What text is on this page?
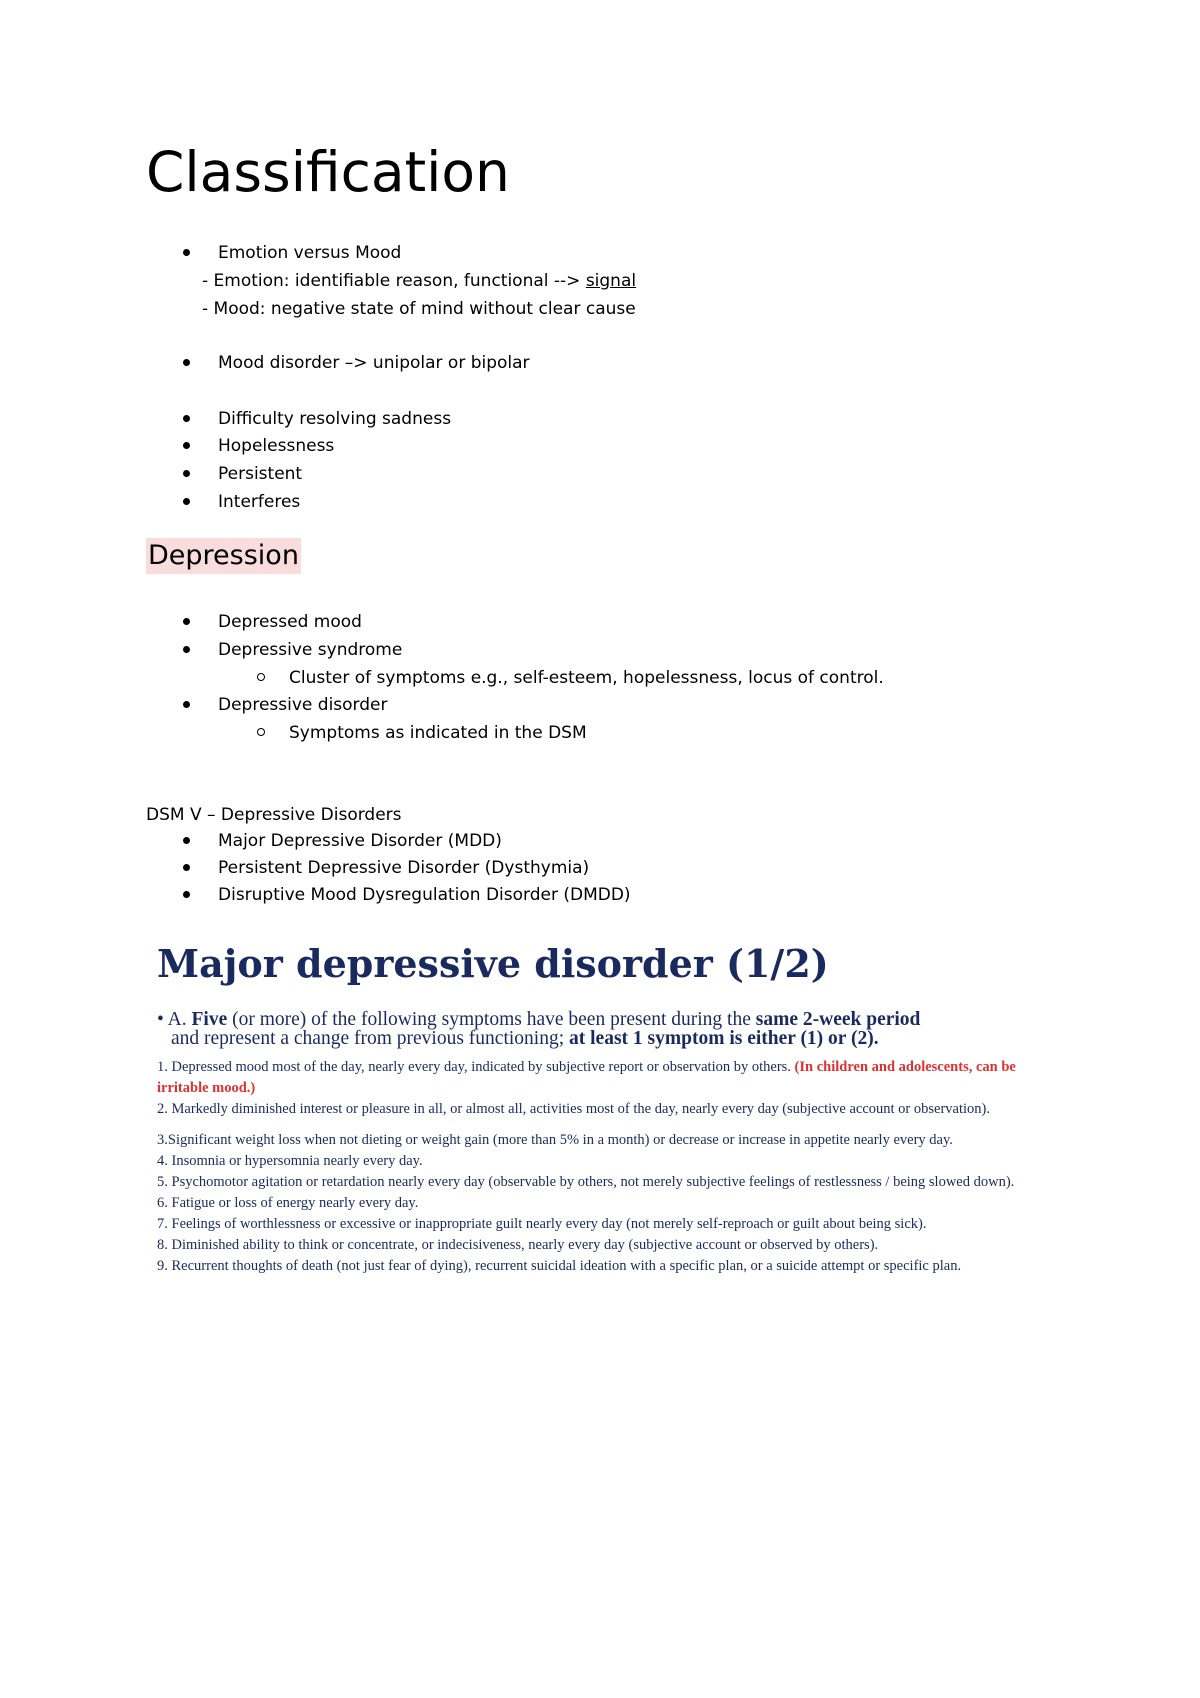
Classification
Emotion versus Mood
- Emotion: identifiable reason, functional --> signal
- Mood: negative state of mind without clear cause
Mood disorder –> unipolar or bipolar
Difficulty resolving sadness
Hopelessness
Persistent
Interferes
Depression
Depressed mood
Depressive syndrome
Cluster of symptoms e.g., self-esteem, hopelessness, locus of control.
Depressive disorder
Symptoms as indicated in the DSM
DSM V – Depressive Disorders
Major Depressive Disorder (MDD)
Persistent Depressive Disorder (Dysthymia)
Disruptive Mood Dysregulation Disorder (DMDD)
Major depressive disorder (1/2)
• A. Five (or more) of the following symptoms have been present during the same 2-week period
and represent a change from previous functioning; at least 1 symptom is either (1) or (2).

1. Depressed mood most of the day, nearly every day, indicated by subjective report or observation by others. (In children and adolescents, can be irritable mood.)

2. Markedly diminished interest or pleasure in all, or almost all, activities most of the day, nearly every day (subjective account or observation).

3.Significant weight loss when not dieting or weight gain (more than 5% in a month) or decrease or increase in appetite nearly every day.

4. Insomnia or hypersomnia nearly every day.

5. Psychomotor agitation or retardation nearly every day (observable by others, not merely subjective feelings of restlessness / being slowed down).

6. Fatigue or loss of energy nearly every day.

7. Feelings of worthlessness or excessive or inappropriate guilt nearly every day (not merely self-reproach or guilt about being sick).

8. Diminished ability to think or concentrate, or indecisiveness, nearly every day (subjective account or observed by others).

9. Recurrent thoughts of death (not just fear of dying), recurrent suicidal ideation with a specific plan, or a suicide attempt or specific plan.
